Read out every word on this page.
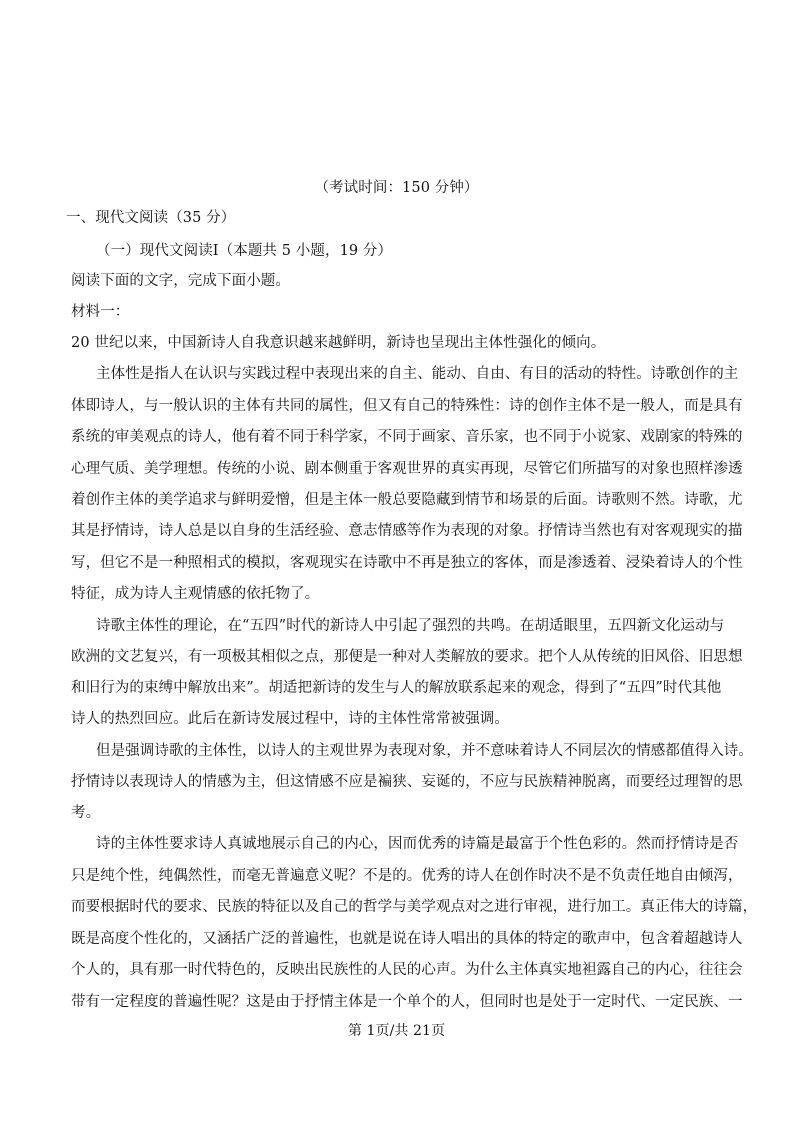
（考试时间：150 分钟）
一、现代文阅读（35 分）
（一）现代文阅读Ⅰ（本题共 5 小题，19 分）
阅读下面的文字，完成下面小题。
材料一：
20 世纪以来，中国新诗人自我意识越来越鲜明，新诗也呈现出主体性强化的倾向。
主体性是指人在认识与实践过程中表现出来的自主、能动、自由、有目的活动的特性。诗歌创作的主
体即诗人，与一般认识的主体有共同的属性，但又有自己的特殊性：诗的创作主体不是一般人，而是具有
系统的审美观点的诗人，他有着不同于科学家，不同于画家、音乐家，也不同于小说家、戏剧家的特殊的
心理气质、美学理想。传统的小说、剧本侧重于客观世界的真实再现，尽管它们所描写的对象也照样渗透
着创作主体的美学追求与鲜明爱憎，但是主体一般总要隐藏到情节和场景的后面。诗歌则不然。诗歌，尤
其是抒情诗，诗人总是以自身的生活经验、意志情感等作为表现的对象。抒情诗当然也有对客观现实的描
写，但它不是一种照相式的模拟，客观现实在诗歌中不再是独立的客体，而是渗透着、浸染着诗人的个性
特征，成为诗人主观情感的依托物了。
诗歌主体性的理论，在“五四”时代的新诗人中引起了强烈的共鸣。在胡适眼里，五四新文化运动与
欧洲的文艺复兴，有一项极其相似之点，那便是一种对人类解放的要求。把个人从传统的旧风俗、旧思想
和旧行为的束缚中解放出来”。胡适把新诗的发生与人的解放联系起来的观念，得到了“五四”时代其他
诗人的热烈回应。此后在新诗发展过程中，诗的主体性常常被强调。
但是强调诗歌的主体性，以诗人的主观世界为表现对象，并不意味着诗人不同层次的情感都值得入诗。
抒情诗以表现诗人的情感为主，但这情感不应是褊狭、妄诞的，不应与民族精神脱离，而要经过理智的思
考。
诗的主体性要求诗人真诚地展示自己的内心，因而优秀的诗篇是最富于个性色彩的。然而抒情诗是否
只是纯个性，纯偶然性，而毫无普遍意义呢？不是的。优秀的诗人在创作时决不是不负责任地自由倾泻，
而要根据时代的要求、民族的特征以及自己的哲学与美学观点对之进行审视，进行加工。真正伟大的诗篇，
既是高度个性化的，又涵括广泛的普遍性，也就是说在诗人唱出的具体的特定的歌声中，包含着超越诗人
个人的，具有那一时代特色的，反映出民族性的人民的心声。为什么主体真实地袒露自己的内心，往往会
带有一定程度的普遍性呢？这是由于抒情主体是一个单个的人，但同时也是处于一定时代、一定民族、一
第 1页/共 21页
